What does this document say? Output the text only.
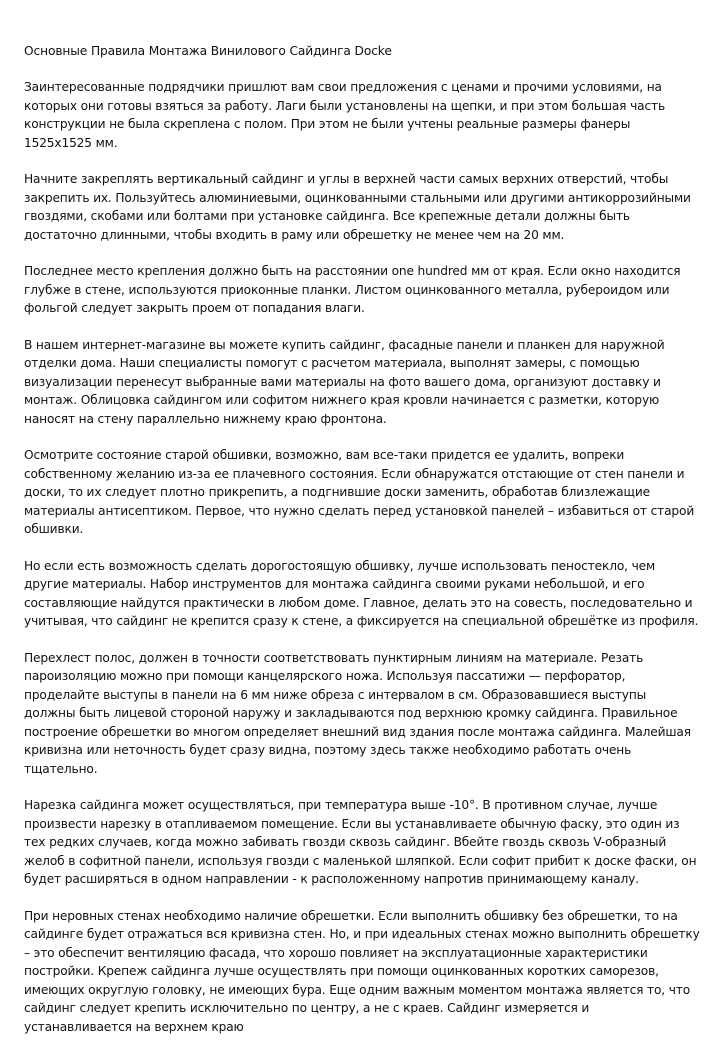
Основные Правила Монтажа Винилового Сайдинга Docke

Заинтересованные подрядчики пришлют вам свои предложения с ценами и прочими условиями, на которых они готовы взяться за работу. Лаги были установлены на щепки, и при этом большая часть конструкции не была скреплена с полом. При этом не были учтены реальные размеры фанеры 1525x1525 мм.

Начните закреплять вертикальный сайдинг и углы в верхней части самых верхних отверстий, чтобы закрепить их. Пользуйтесь алюминиевыми, оцинкованными стальными или другими антикоррозийными гвоздями, скобами или болтами при установке сайдинга. Все крепежные детали должны быть достаточно длинными, чтобы входить в раму или обрешетку не менее чем на 20 мм.

Последнее место крепления должно быть на расстоянии one hundred мм от края. Если окно находится глубже в стене, используются приоконные планки. Листом оцинкованного металла, рубероидом или фольгой следует закрыть проем от попадания влаги.

В нашем интернет-магазине вы можете купить сайдинг, фасадные панели и планкен для наружной отделки дома. Наши специалисты помогут с расчетом материала, выполнят замеры, с помощью визуализации перенесут выбранные вами материалы на фото вашего дома, организуют доставку и монтаж. Облицовка сайдингом или софитом нижнего края кровли начинается с разметки, которую наносят на стену параллельно нижнему краю фронтона.

Осмотрите состояние старой обшивки, возможно, вам все-таки придется ее удалить, вопреки собственному желанию из-за ее плачевного состояния. Если обнаружатся отстающие от стен панели и доски, то их следует плотно прикрепить, а подгнившие доски заменить, обработав близлежащие материалы антисептиком. Первое, что нужно сделать перед установкой панелей – избавиться от старой обшивки.

Но если есть возможность сделать дорогостоящую обшивку, лучше использовать пеностекло, чем другие материалы. Набор инструментов для монтажа сайдинга своими руками небольшой, и его составляющие найдутся практически в любом доме. Главное, делать это на совесть, последовательно и учитывая, что сайдинг не крепится сразу к стене, а фиксируется на специальной обрешётке из профиля.

Перехлест полос, должен в точности соответствовать пунктирным линиям на материале. Резать пароизоляцию можно при помощи канцелярского ножа. Используя пассатижи — перфоратор, проделайте выступы в панели на 6 мм ниже обреза с интервалом в см. Образовавшиеся выступы должны быть лицевой стороной наружу и закладываются под верхнюю кромку сайдинга. Правильное построение обрешетки во многом определяет внешний вид здания после монтажа сайдинга. Малейшая кривизна или неточность будет сразу видна, поэтому здесь также необходимо работать очень тщательно.

Нарезка сайдинга может осуществляться, при температура выше -10°. В противном случае, лучше произвести нарезку в отапливаемом помещение. Если вы устанавливаете обычную фаску, это один из тех редких случаев, когда можно забивать гвозди сквозь сайдинг. Вбейте гвоздь сквозь V-образный желоб в софитной панели, используя гвозди с маленькой шляпкой. Если софит прибит к доске фаски, он будет расширяться в одном направлении - к расположенному напротив принимающему каналу.

При неровных стенах необходимо наличие обрешетки. Если выполнить обшивку без обрешетки, то на сайдинге будет отражаться вся кривизна стен. Но, и при идеальных стенах можно выполнить обрешетку – это обеспечит вентиляцию фасада, что хорошо повлияет на эксплуатационные характеристики постройки. Крепеж сайдинга лучше осуществлять при помощи оцинкованных коротких саморезов, имеющих округлую головку, не имеющих бура. Еще одним важным моментом монтажа является то, что сайдинг следует крепить исключительно по центру, а не с краев. Сайдинг измеряется и устанавливается на верхнем краю
